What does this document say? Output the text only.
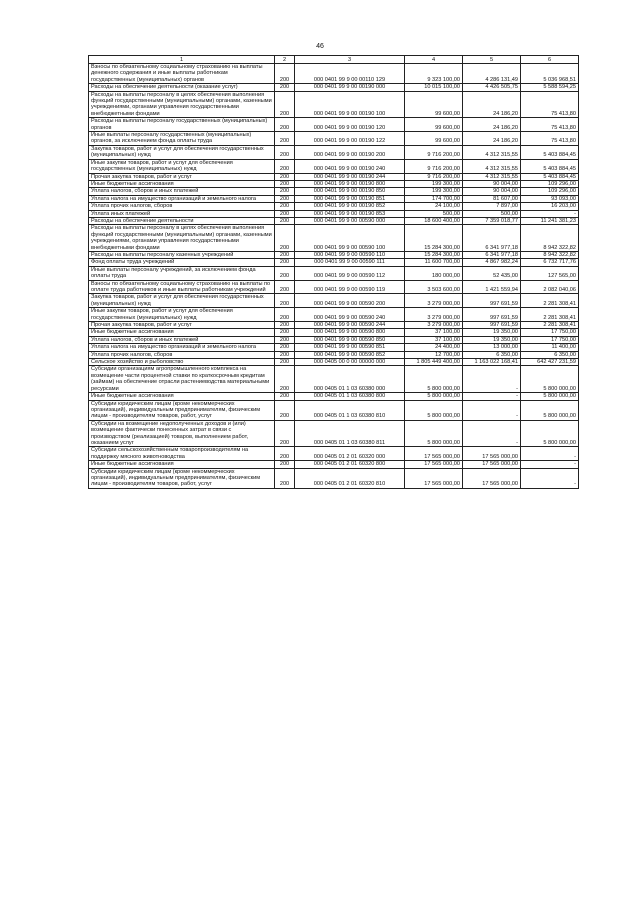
46
1	2	3	4	5	6
Взносы по обязательному социальному страхованию на выплаты денежного содержания и иные выплаты работникам государственных (муниципальных) органов	200	000 0401 99 9 00 00110 129	9 323 100,00	4 286 131,49	5 036 968,51
Расходы на обеспечение деятельности (оказание услуг)	200	000 0401 99 9 00 00190 000	10 015 100,00	4 426 505,75	5 588 594,25
Расходы на выплаты персоналу в целях обеспечения выполнения функций государственными (муниципальными) органами, казенными учреждениями, органами управления государственными внебюджетными фондами	200	000 0401 99 9 00 00190 100	99 600,00	24 186,20	75 413,80
Расходы на выплаты персоналу государственных (муниципальных) органов	200	000 0401 99 9 00 00190 120	99 600,00	24 186,20	75 413,80
Иные выплаты персоналу государственных (муниципальных) органов, за исключением фонда оплаты труда	200	000 0401 99 9 00 00190 122	99 600,00	24 186,20	75 413,80
Закупка товаров, работ и услуг для обеспечения государственных (муниципальных) нужд	200	000 0401 99 9 00 00190 200	9 716 200,00	4 312 315,55	5 403 884,45
Иные закупки товаров, работ и услуг для обеспечения государственных (муниципальных) нужд	200	000 0401 99 9 00 00190 240	9 716 200,00	4 312 315,55	5 403 884,45
Прочая закупка товаров, работ и услуг	200	000 0401 99 9 00 00190 244	9 716 200,00	4 312 315,55	5 403 884,45
Иные бюджетные ассигнования	200	000 0401 99 9 00 00190 800	199 300,00	90 004,00	109 296,00
Уплата налогов, сборов и иных платежей	200	000 0401 99 9 00 00190 850	199 300,00	90 004,00	109 296,00
Уплата налога на имущество организаций и земельного налога	200	000 0401 99 9 00 00190 851	174 700,00	81 607,00	93 093,00
Уплата прочих налогов, сборов	200	000 0401 99 9 00 00190 852	24 100,00	7 897,00	16 203,00
Уплата иных платежей	200	000 0401 99 9 00 00190 853	500,00	500,00	-
Расходы на обеспечение деятельности	200	000 0401 99 9 00 00590 000	18 600 400,00	7 359 018,77	11 241 381,23
Расходы на выплаты персоналу в целях обеспечения выполнения функций государственными (муниципальными) органами, казенными учреждениями, органами управления государственными внебюджетными фондами	200	000 0401 99 9 00 00590 100	15 284 300,00	6 341 977,18	8 942 322,82
Расходы на выплаты персоналу казенных учреждений	200	000 0401 99 9 00 00590 110	15 284 300,00	6 341 977,18	8 942 322,82
Фонд оплаты труда учреждений	200	000 0401 99 9 00 00590 111	11 600 700,00	4 867 982,24	6 732 717,76
Иные выплаты персоналу учреждений, за исключением фонда оплаты труда	200	000 0401 99 9 00 00590 112	180 000,00	52 435,00	127 565,00
Взносы по обязательному социальному страхованию на выплаты по оплате труда работников и иные выплаты работникам учреждений	200	000 0401 99 9 00 00590 119	3 503 600,00	1 421 559,94	2 082 040,06
Закупка товаров, работ и услуг для обеспечения государственных (муниципальных) нужд	200	000 0401 99 9 00 00590 200	3 279 000,00	997 691,59	2 281 308,41
Иные закупки товаров, работ и услуг для обеспечения государственных (муниципальных) нужд	200	000 0401 99 9 00 00590 240	3 279 000,00	997 691,59	2 281 308,41
Прочая закупка товаров, работ и услуг	200	000 0401 99 9 00 00590 244	3 279 000,00	997 691,59	2 281 308,41
Иные бюджетные ассигнования	200	000 0401 99 9 00 00590 800	37 100,00	19 350,00	17 750,00
Уплата налогов, сборов и иных платежей	200	000 0401 99 9 00 00590 850	37 100,00	19 350,00	17 750,00
Уплата налога на имущество организаций и земельного налога	200	000 0401 99 9 00 00590 851	24 400,00	13 000,00	11 400,00
Уплата прочих налогов, сборов	200	000 0401 99 9 00 00590 852	12 700,00	6 350,00	6 350,00
Сельское хозяйство и рыболовство	200	000 0405 00 0 00 00000 000	1 805 449 400,00	1 163 022 168,41	642 427 231,59
Субсидии организациям агропромышленного комплекса на возмещение части процентной ставки по краткосрочным кредитам (займам) на обеспечение отрасли растениеводства материальными ресурсами	200	000 0405 01 1 03 60380 000	5 800 000,00	-	5 800 000,00
Иные бюджетные ассигнования	200	000 0405 01 1 03 60380 800	5 800 000,00	-	5 800 000,00
Субсидии юридическим лицам (кроме некоммерческих организаций), индивидуальным предпринимателям, физическим лицам - производителям товаров, работ, услуг	200	000 0405 01 1 03 60380 810	5 800 000,00	-	5 800 000,00
Субсидии на возмещение недополученных доходов и (или) возмещение фактически понесенных затрат в связи с производством (реализацией) товаров, выполнением работ, оказанием услуг	200	000 0405 01 1 03 60380 811	5 800 000,00	-	5 800 000,00
Субсидии сельскохозяйственным товаропроизводителям на поддержку мясного животноводства	200	000 0405 01 2 01 60320 000	17 565 000,00	17 565 000,00	-
Иные бюджетные ассигнования	200	000 0405 01 2 01 60320 800	17 565 000,00	17 565 000,00	-
Субсидии юридическим лицам (кроме некоммерческих организаций), индивидуальным предпринимателям, физическим лицам - производителям товаров, работ, услуг	200	000 0405 01 2 01 60320 810	17 565 000,00	17 565 000,00	-
